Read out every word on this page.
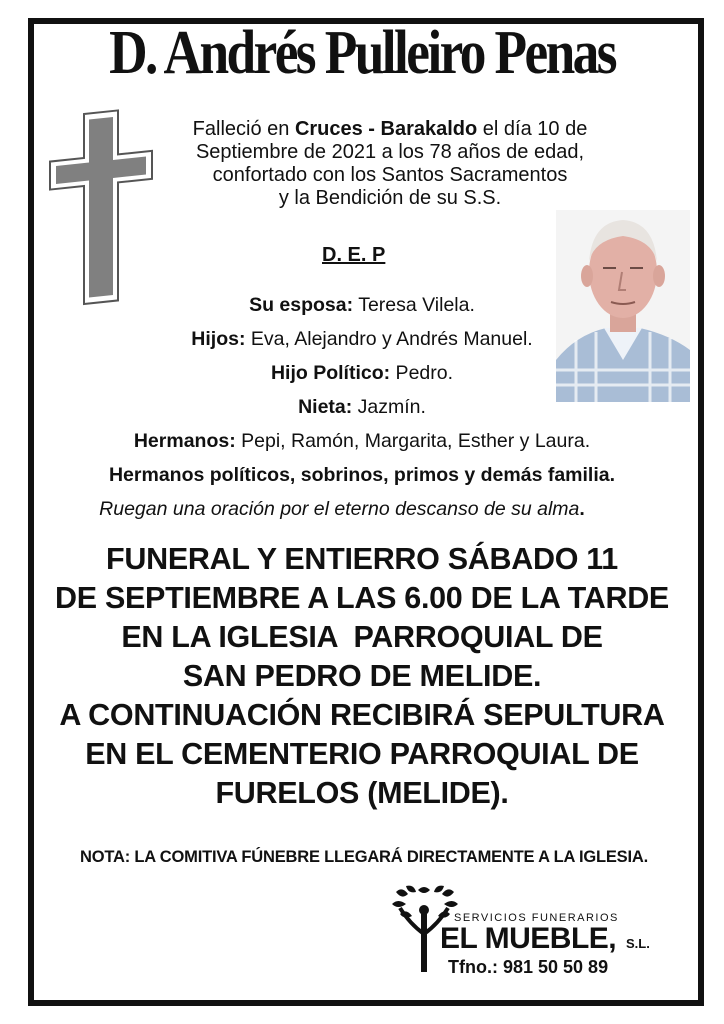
D. Andrés Pulleiro Penas
Falleció en Cruces - Barakaldo el día 10 de
Septiembre de 2021 a los 78 años de edad,
confortado con los Santos Sacramentos
y la Bendición de su S.S.
D. E. P
Su esposa: Teresa Vilela.
Hijos: Eva, Alejandro y Andrés Manuel.
Hijo Político: Pedro.
Nieta: Jazmín.
Hermanos: Pepi, Ramón, Margarita, Esther y Laura.
Hermanos políticos, sobrinos, primos y demás familia.
Ruegan una oración por el eterno descanso de su alma.
FUNERAL Y ENTIERRO SÁBADO 11
DE SEPTIEMBRE A LAS 6.00 DE LA TARDE
EN LA IGLESIA  PARROQUIAL DE
SAN PEDRO DE MELIDE.
A CONTINUACIÓN RECIBIRÁ SEPULTURA
EN EL CEMENTERIO PARROQUIAL DE
FURELOS (MELIDE).
NOTA: LA COMITIVA FÚNEBRE LLEGARÁ DIRECTAMENTE A LA IGLESIA.
SERVICIOS FUNERARIOS
EL MUEBLE, S.L.
Tfno.: 981 50 50 89
